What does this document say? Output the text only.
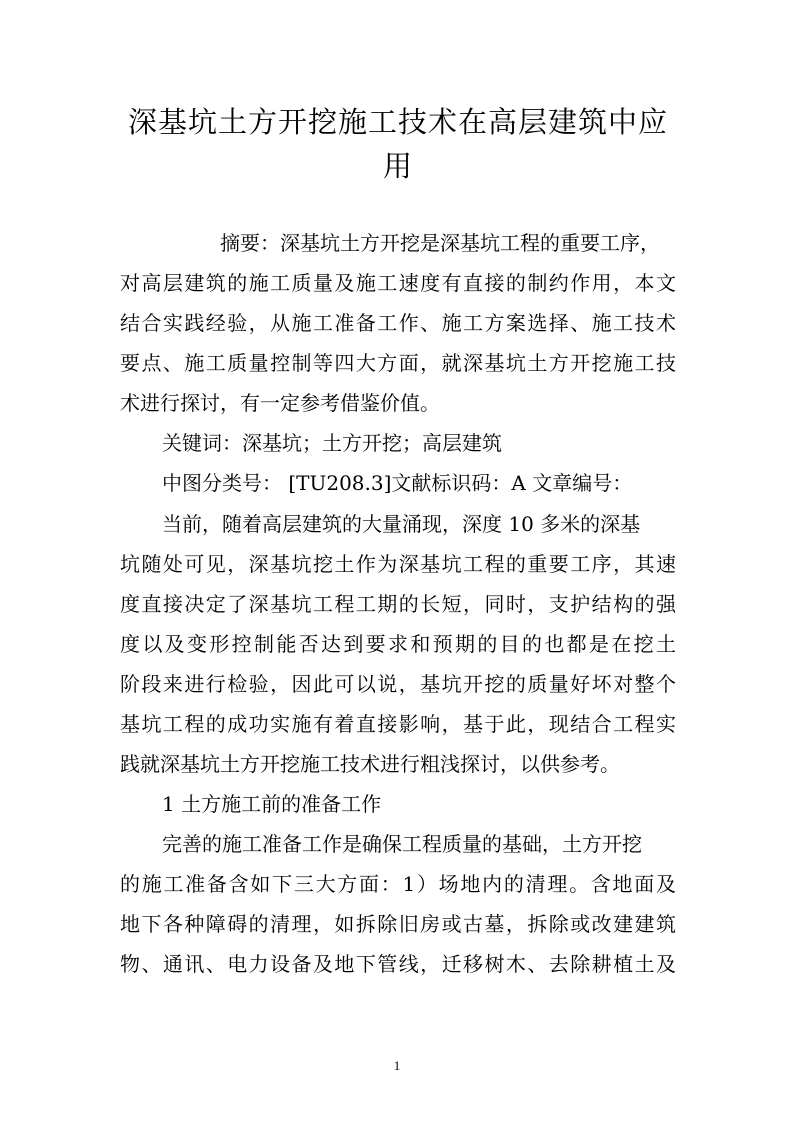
深基坑土方开挖施工技术在高层建筑中应
用
摘要：深基坑土方开挖是深基坑工程的重要工序，
对高层建筑的施工质量及施工速度有直接的制约作用，本文
结合实践经验，从施工准备工作、施工方案选择、施工技术
要点、施工质量控制等四大方面，就深基坑土方开挖施工技
术进行探讨，有一定参考借鉴价值。
关键词：深基坑；土方开挖；高层建筑
中图分类号： [TU208.3]文献标识码：A 文章编号：
当前，随着高层建筑的大量涌现，深度 10 多米的深基
坑随处可见，深基坑挖土作为深基坑工程的重要工序，其速
度直接决定了深基坑工程工期的长短，同时，支护结构的强
度以及变形控制能否达到要求和预期的目的也都是在挖土
阶段来进行检验，因此可以说，基坑开挖的质量好坏对整个
基坑工程的成功实施有着直接影响，基于此，现结合工程实
践就深基坑土方开挖施工技术进行粗浅探讨，以供参考。
1 土方施工前的准备工作
完善的施工准备工作是确保工程质量的基础，土方开挖
的施工准备含如下三大方面：1）场地内的清理。含地面及
地下各种障碍的清理，如拆除旧房或古墓，拆除或改建建筑
物、通讯、电力设备及地下管线，迁移树木、去除耕植土及
1
